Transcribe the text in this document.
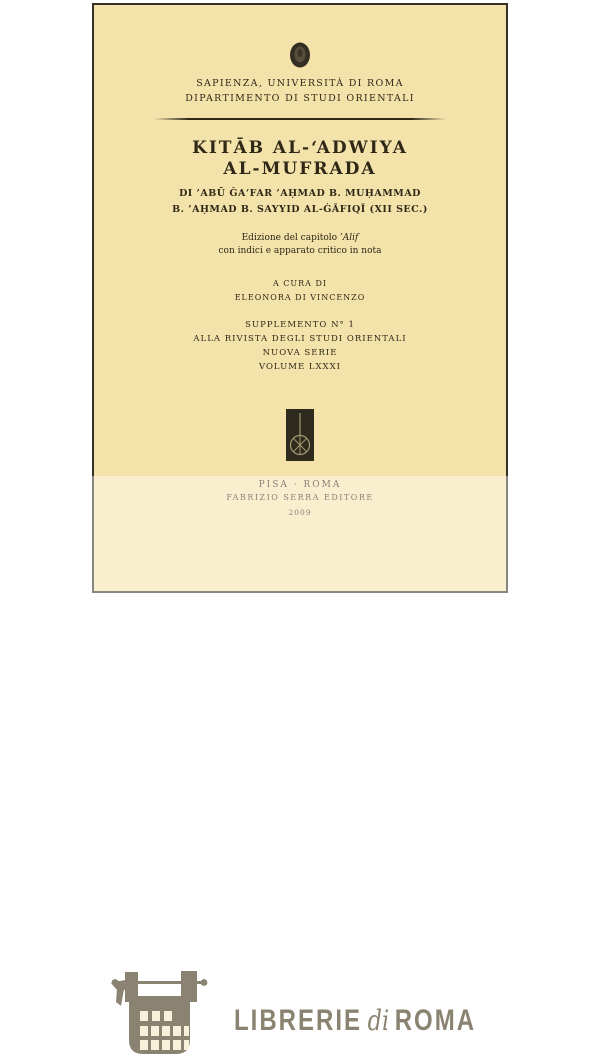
SAPIENZA, UNIVERSITÀ DI ROMA
DIPARTIMENTO DI STUDI ORIENTALI
KITĀB AL-‘ADWIYA
AL-MUFRADA
DI ’ABŪ ĞA‘FAR ’AḤMAD B. MUḤAMMAD
B. ’AḤMAD B. SAYYID AL-ĠĀFIQĪ (XII SEC.)
Edizione del capitolo ’Alif
con indici e apparato critico in nota
A CURA DI
ELEONORA DI VINCENZO
SUPPLEMENTO N° 1
ALLA RIVISTA DEGLI STUDI ORIENTALI
NUOVA SERIE
VOLUME LXXXI
PISA · ROMA
FABRIZIO SERRA EDITORE
2009
LIBRERIE di ROMA
